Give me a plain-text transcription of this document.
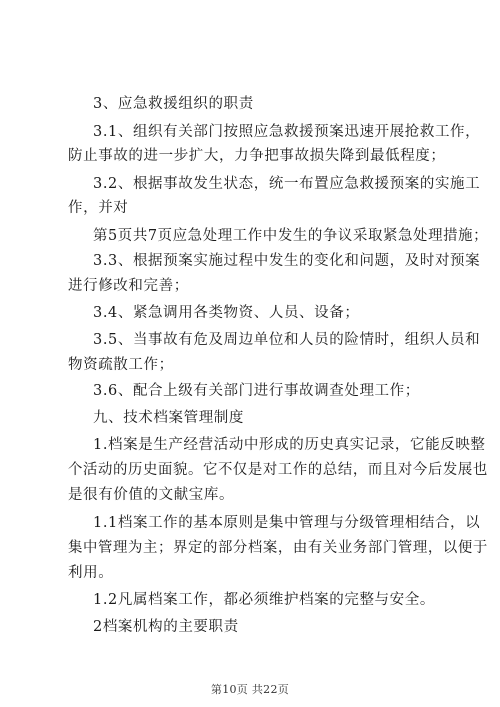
3、应急救援组织的职责
3.1、组织有关部门按照应急救援预案迅速开展抢救工作，
防止事故的进一步扩大，力争把事故损失降到最低程度；
3.2、根据事故发生状态，统一布置应急救援预案的实施工
作，并对
第5页共7页应急处理工作中发生的争议采取紧急处理措施；
3.3、根据预案实施过程中发生的变化和问题，及时对预案
进行修改和完善；
3.4、紧急调用各类物资、人员、设备；
3.5、当事故有危及周边单位和人员的险情时，组织人员和
物资疏散工作；
3.6、配合上级有关部门进行事故调查处理工作；
九、技术档案管理制度
1.档案是生产经营活动中形成的历史真实记录，它能反映整
个活动的历史面貌。它不仅是对工作的总结，而且对今后发展也
是很有价值的文献宝库。
1.1档案工作的基本原则是集中管理与分级管理相结合，以
集中管理为主；界定的部分档案，由有关业务部门管理，以便于
利用。
1.2凡属档案工作，都必须维护档案的完整与安全。
2档案机构的主要职责
第10页 共22页
